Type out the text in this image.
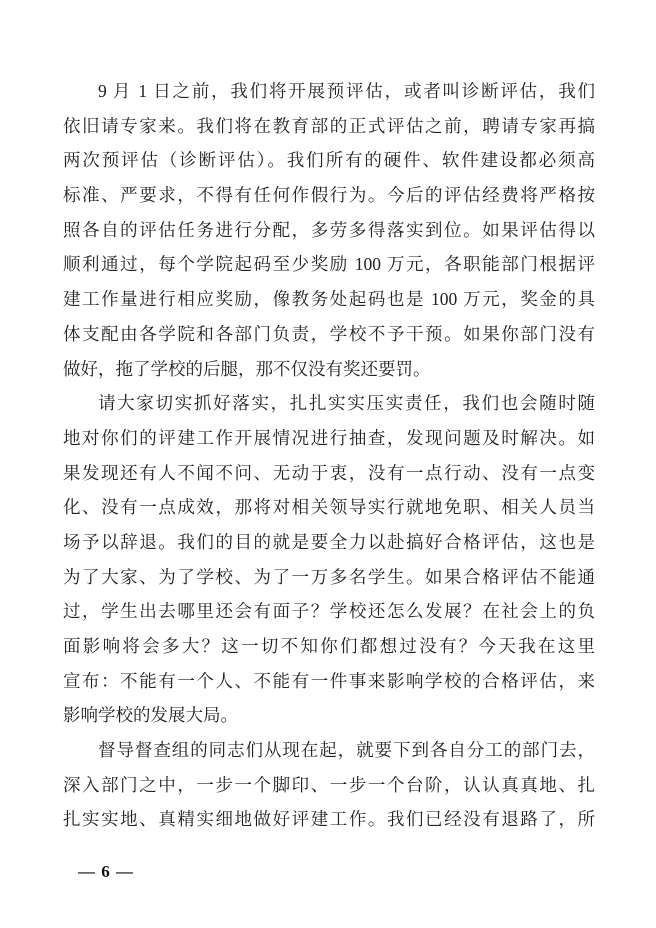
9 月 1 日之前，我们将开展预评估，或者叫诊断评估，我们
依旧请专家来。我们将在教育部的正式评估之前，聘请专家再搞
两次预评估（诊断评估）。我们所有的硬件、软件建设都必须高
标准、严要求，不得有任何作假行为。今后的评估经费将严格按
照各自的评估任务进行分配，多劳多得落实到位。如果评估得以
顺利通过，每个学院起码至少奖励 100 万元，各职能部门根据评
建工作量进行相应奖励，像教务处起码也是 100 万元，奖金的具
体支配由各学院和各部门负责，学校不予干预。如果你部门没有
做好，拖了学校的后腿，那不仅没有奖还要罚。
请大家切实抓好落实，扎扎实实压实责任，我们也会随时随
地对你们的评建工作开展情况进行抽查，发现问题及时解决。如
果发现还有人不闻不问、无动于衷，没有一点行动、没有一点变
化、没有一点成效，那将对相关领导实行就地免职、相关人员当
场予以辞退。我们的目的就是要全力以赴搞好合格评估，这也是
为了大家、为了学校、为了一万多名学生。如果合格评估不能通
过，学生出去哪里还会有面子？学校还怎么发展？在社会上的负
面影响将会多大？这一切不知你们都想过没有？今天我在这里
宣布：不能有一个人、不能有一件事来影响学校的合格评估，来
影响学校的发展大局。
督导督查组的同志们从现在起，就要下到各自分工的部门去，
深入部门之中，一步一个脚印、一步一个台阶，认认真真地、扎
扎实实地、真精实细地做好评建工作。我们已经没有退路了，所
— 6 —
